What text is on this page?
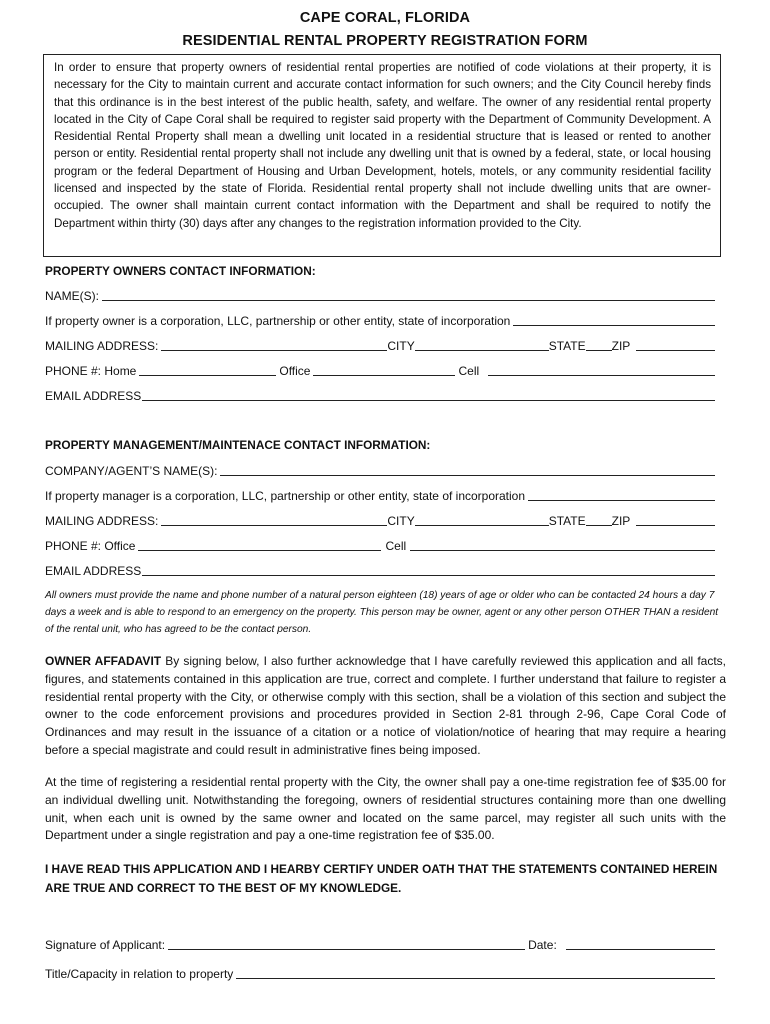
CAPE CORAL, FLORIDA
RESIDENTIAL RENTAL PROPERTY REGISTRATION FORM
In order to ensure that property owners of residential rental properties are notified of code violations at their property, it is necessary for the City to maintain current and accurate contact information for such owners; and the City Council hereby finds that this ordinance is in the best interest of the public health, safety, and welfare. The owner of any residential rental property located in the City of Cape Coral shall be required to register said property with the Department of Community Development. A Residential Rental Property shall mean a dwelling unit located in a residential structure that is leased or rented to another person or entity. Residential rental property shall not include any dwelling unit that is owned by a federal, state, or local housing program or the federal Department of Housing and Urban Development, hotels, motels, or any community residential facility licensed and inspected by the state of Florida. Residential rental property shall not include dwelling units that are owner-occupied. The owner shall maintain current contact information with the Department and shall be required to notify the Department within thirty (30) days after any changes to the registration information provided to the City.
PROPERTY OWNERS CONTACT INFORMATION:
NAME(S):
If property owner is a corporation, LLC, partnership or other entity, state of incorporation
MAILING ADDRESS:	CITY	STATE ZIP
PHONE #: Home	Office	Cell
EMAIL ADDRESS
PROPERTY MANAGEMENT/MAINTENACE CONTACT INFORMATION:
COMPANY/AGENT’S NAME(S):
If property manager is a corporation, LLC, partnership or other entity, state of incorporation
MAILING ADDRESS:	CITY	STATE ZIP
PHONE #: Office	Cell
EMAIL ADDRESS
All owners must provide the name and phone number of a natural person eighteen (18) years of age or older who can be contacted 24 hours a day 7 days a week and is able to respond to an emergency on the property. This person may be owner, agent or any other person OTHER THAN a resident of the rental unit, who has agreed to be the contact person.
OWNER AFFADAVIT By signing below, I also further acknowledge that I have carefully reviewed this application and all facts, figures, and statements contained in this application are true, correct and complete. I further understand that failure to register a residential rental property with the City, or otherwise comply with this section, shall be a violation of this section and subject the owner to the code enforcement provisions and procedures provided in Section 2-81 through 2-96, Cape Coral Code of Ordinances and may result in the issuance of a citation or a notice of violation/notice of hearing that may require a hearing before a special magistrate and could result in administrative fines being imposed.
At the time of registering a residential rental property with the City, the owner shall pay a one-time registration fee of $35.00 for an individual dwelling unit. Notwithstanding the foregoing, owners of residential structures containing more than one dwelling unit, when each unit is owned by the same owner and located on the same parcel, may register all such units with the Department under a single registration and pay a one-time registration fee of $35.00.
I HAVE READ THIS APPLICATION AND I HEARBY CERTIFY UNDER OATH THAT THE STATEMENTS CONTAINED HEREIN ARE TRUE AND CORRECT TO THE BEST OF MY KNOWLEDGE.
Signature of Applicant:	Date:
Title/Capacity in relation to property
